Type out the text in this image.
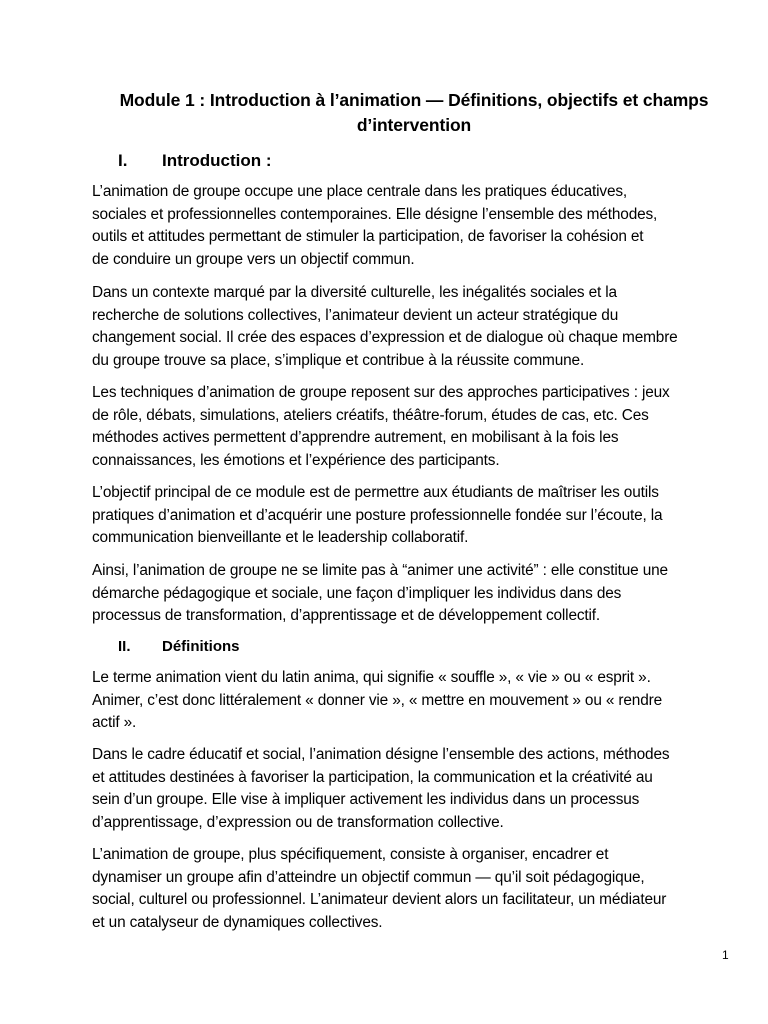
Module 1 : Introduction à l’animation — Définitions, objectifs et champs
d’intervention
I.	Introduction :

L’animation de groupe occupe une place centrale dans les pratiques éducatives,

sociales et professionnelles contemporaines. Elle désigne l’ensemble des méthodes,

outils et attitudes permettant de stimuler la participation, de favoriser la cohésion et

de conduire un groupe vers un objectif commun.

Dans un contexte marqué par la diversité culturelle, les inégalités sociales et la

recherche de solutions collectives, l’animateur devient un acteur stratégique du

changement social. Il crée des espaces d’expression et de dialogue où chaque membre

du groupe trouve sa place, s’implique et contribue à la réussite commune.

Les techniques d’animation de groupe reposent sur des approches participatives : jeux

de rôle, débats, simulations, ateliers créatifs, théâtre-forum, études de cas, etc. Ces

méthodes actives permettent d’apprendre autrement, en mobilisant à la fois les

connaissances, les émotions et l’expérience des participants.

L’objectif principal de ce module est de permettre aux étudiants de maîtriser les outils

pratiques d’animation et d’acquérir une posture professionnelle fondée sur l’écoute, la

communication bienveillante et le leadership collaboratif.

Ainsi, l’animation de groupe ne se limite pas à “animer une activité” : elle constitue une

démarche pédagogique et sociale, une façon d’impliquer les individus dans des

processus de transformation, d’apprentissage et de développement collectif.

II.	Définitions

Le terme animation vient du latin anima, qui signifie « souffle », « vie » ou « esprit ».

Animer, c’est donc littéralement « donner vie », « mettre en mouvement » ou « rendre

actif ».

Dans le cadre éducatif et social, l’animation désigne l’ensemble des actions, méthodes

et attitudes destinées à favoriser la participation, la communication et la créativité au

sein d’un groupe. Elle vise à impliquer activement les individus dans un processus

d’apprentissage, d’expression ou de transformation collective.

L’animation de groupe, plus spécifiquement, consiste à organiser, encadrer et

dynamiser un groupe afin d’atteindre un objectif commun — qu’il soit pédagogique,

social, culturel ou professionnel. L’animateur devient alors un facilitateur, un médiateur

et un catalyseur de dynamiques collectives.

1
